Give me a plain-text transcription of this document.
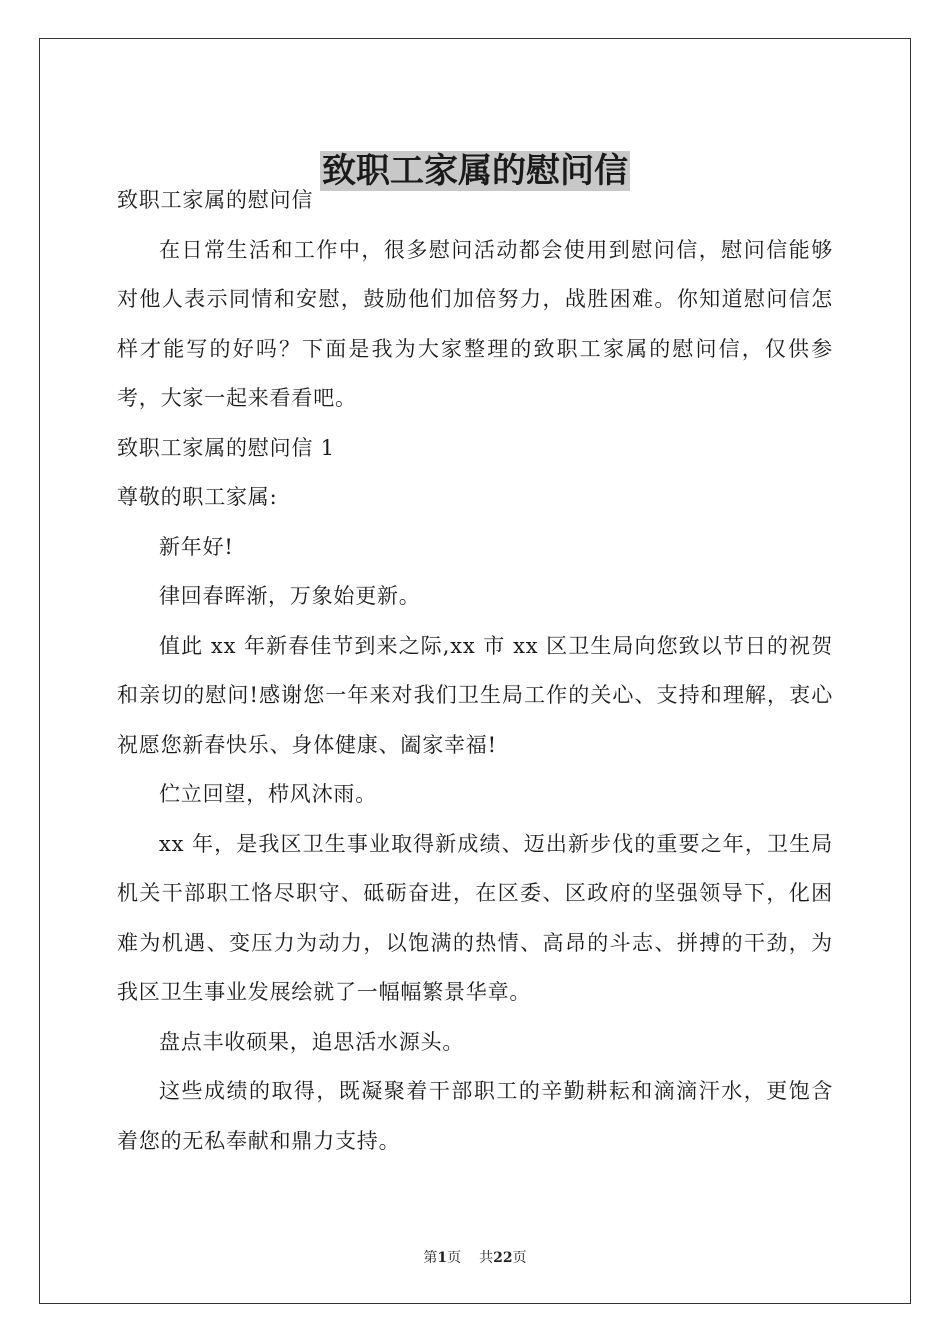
致职工家属的慰问信

致职工家属的慰问信

在日常生活和工作中，很多慰问活动都会使用到慰问信，慰问信能够对他人表示同情和安慰，鼓励他们加倍努力，战胜困难。你知道慰问信怎样才能写的好吗？下面是我为大家整理的致职工家属的慰问信，仅供参考，大家一起来看看吧。

致职工家属的慰问信 1

尊敬的职工家属:

新年好!

律回春晖渐，万象始更新。

值此 xx 年新春佳节到来之际,xx 市 xx 区卫生局向您致以节日的祝贺和亲切的慰问!感谢您一年来对我们卫生局工作的关心、支持和理解，衷心祝愿您新春快乐、身体健康、阖家幸福!

伫立回望，栉风沐雨。

xx 年，是我区卫生事业取得新成绩、迈出新步伐的重要之年，卫生局机关干部职工恪尽职守、砥砺奋进，在区委、区政府的坚强领导下，化困难为机遇、变压力为动力，以饱满的热情、高昂的斗志、拼搏的干劲，为我区卫生事业发展绘就了一幅幅繁景华章。

盘点丰收硕果，追思活水源头。

这些成绩的取得，既凝聚着干部职工的辛勤耕耘和滴滴汗水，更饱含着您的无私奉献和鼎力支持。

第1页 共22页
